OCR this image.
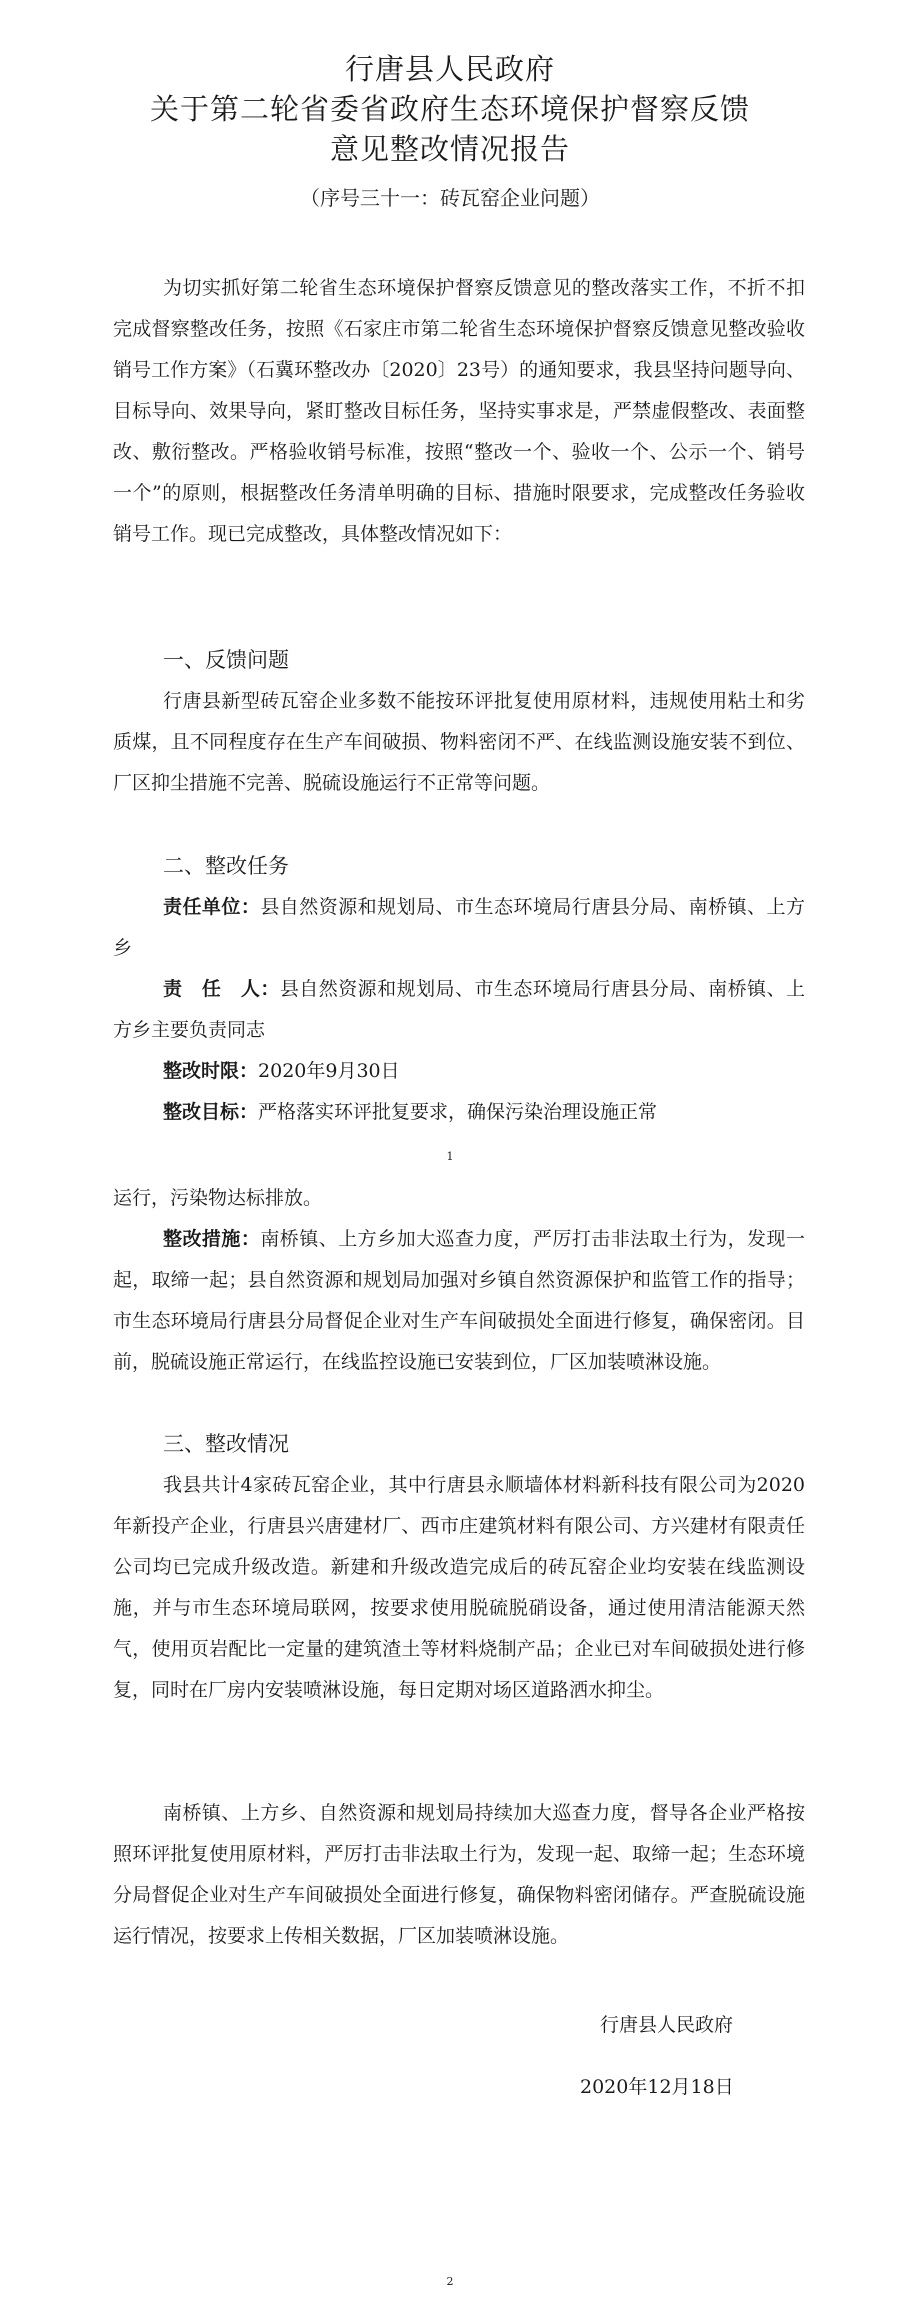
行唐县人民政府
关于第二轮省委省政府生态环境保护督察反馈
意见整改情况报告
（序号三十一：砖瓦窑企业问题）

为切实抓好第二轮省生态环境保护督察反馈意见的整改落实工作，不折不扣完成督察整改任务，按照《石家庄市第二轮省生态环境保护督察反馈意见整改验收销号工作方案》（石冀环整改办〔2020〕23号）的通知要求，我县坚持问题导向、目标导向、效果导向，紧盯整改目标任务，坚持实事求是，严禁虚假整改、表面整改、敷衍整改。严格验收销号标准，按照“整改一个、验收一个、公示一个、销号一个”的原则，根据整改任务清单明确的目标、措施时限要求，完成整改任务验收销号工作。现已完成整改，具体整改情况如下：

一、反馈问题

行唐县新型砖瓦窑企业多数不能按环评批复使用原材料，违规使用粘土和劣质煤，且不同程度存在生产车间破损、物料密闭不严、在线监测设施安装不到位、厂区抑尘措施不完善、脱硫设施运行不正常等问题。

二、整改任务

责任单位：县自然资源和规划局、市生态环境局行唐县分局、南桥镇、上方乡

责　任　人：县自然资源和规划局、市生态环境局行唐县分局、南桥镇、上方乡主要负责同志

整改时限：2020年9月30日

整改目标：严格落实环评批复要求，确保污染治理设施正常

1

运行，污染物达标排放。

整改措施：南桥镇、上方乡加大巡查力度，严厉打击非法取土行为，发现一起，取缔一起；县自然资源和规划局加强对乡镇自然资源保护和监管工作的指导；市生态环境局行唐县分局督促企业对生产车间破损处全面进行修复，确保密闭。目前，脱硫设施正常运行，在线监控设施已安装到位，厂区加装喷淋设施。

三、整改情况

我县共计4家砖瓦窑企业，其中行唐县永顺墙体材料新科技有限公司为2020年新投产企业，行唐县兴唐建材厂、西市庄建筑材料有限公司、方兴建材有限责任公司均已完成升级改造。新建和升级改造完成后的砖瓦窑企业均安装在线监测设施，并与市生态环境局联网，按要求使用脱硫脱硝设备，通过使用清洁能源天然气，使用页岩配比一定量的建筑渣土等材料烧制产品；企业已对车间破损处进行修复，同时在厂房内安装喷淋设施，每日定期对场区道路洒水抑尘。

南桥镇、上方乡、自然资源和规划局持续加大巡查力度，督导各企业严格按照环评批复使用原材料，严厉打击非法取土行为，发现一起、取缔一起；生态环境分局督促企业对生产车间破损处全面进行修复，确保物料密闭储存。严查脱硫设施运行情况，按要求上传相关数据，厂区加装喷淋设施。

行唐县人民政府
2020年12月18日
2
